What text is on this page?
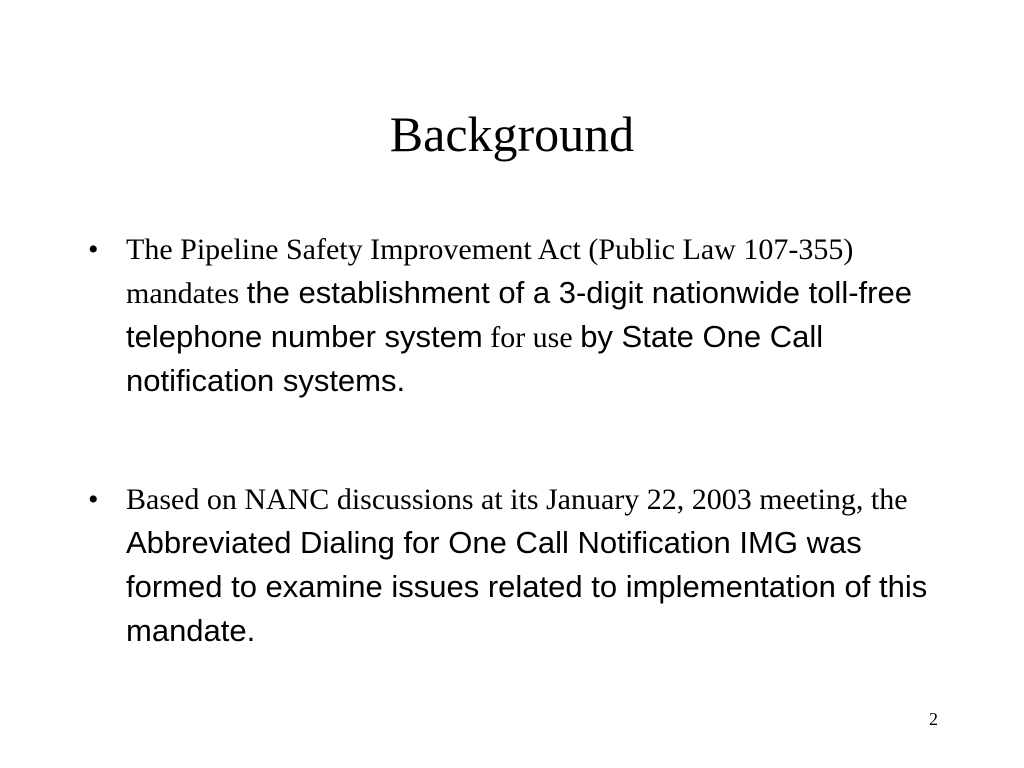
Background
• The Pipeline Safety Improvement Act (Public Law 107-355) mandates the establishment of a 3-digit nationwide toll-free telephone number system for use by State One Call notification systems.
• Based on NANC discussions at its January 22, 2003 meeting, the Abbreviated Dialing for One Call Notification IMG was formed to examine issues related to implementation of this mandate.
2
